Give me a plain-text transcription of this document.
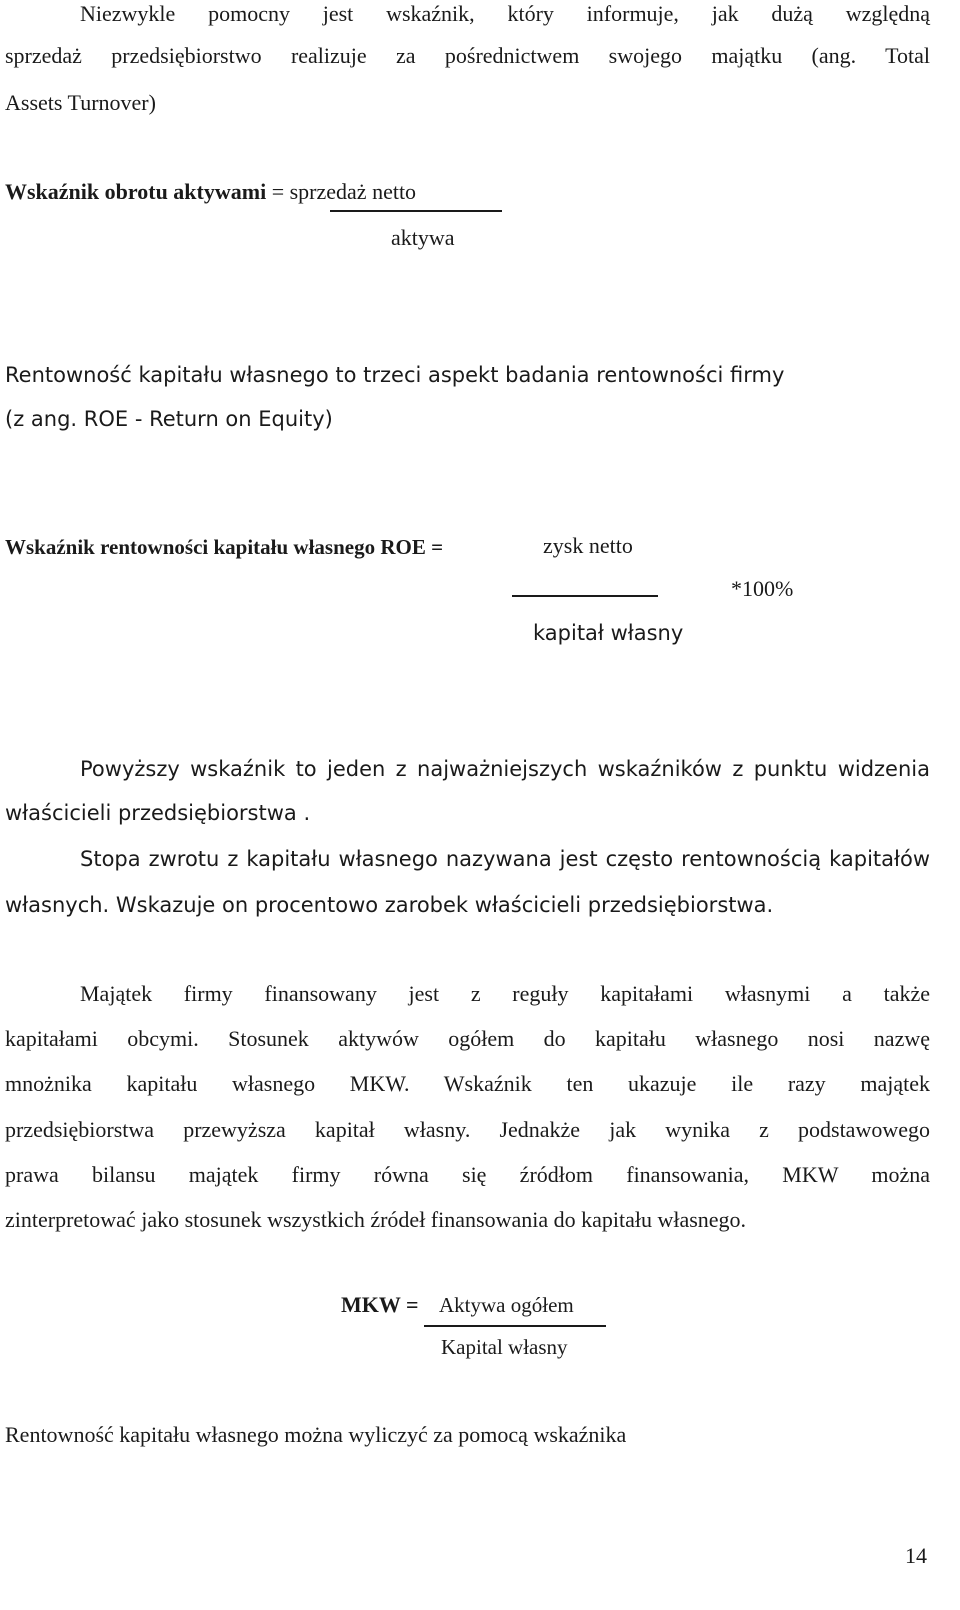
Niezwykle pomocny jest wskaźnik, który informuje, jak dużą względną
sprzedaż przedsiębiorstwo realizuje za pośrednictwem swojego majątku (ang. Total
Assets Turnover)
Wskaźnik obrotu aktywami = sprzedaż netto
aktywa
Rentowność kapitału własnego to trzeci aspekt badania rentowności firmy
(z ang. ROE - Return on Equity)
Wskaźnik rentowności kapitału własnego ROE =	zysk netto
*100%
kapitał własny
Powyższy wskaźnik to jeden z najważniejszych wskaźników z punktu widzenia
właścicieli przedsiębiorstwa .
Stopa zwrotu z kapitału własnego nazywana jest często rentownością kapitałów
własnych. Wskazuje on procentowo zarobek właścicieli przedsiębiorstwa.
Majątek firmy finansowany jest z reguły kapitałami własnymi a także
kapitałami obcymi. Stosunek aktywów ogółem do kapitału własnego nosi nazwę
mnożnika kapitału własnego MKW. Wskaźnik ten ukazuje ile razy majątek
przedsiębiorstwa przewyższa kapitał własny. Jednakże jak wynika z podstawowego
prawa bilansu majątek firmy równa się źródłom finansowania, MKW można
zinterpretować jako stosunek wszystkich źródeł finansowania do kapitału własnego.
MKW = Aktywa ogółem
Kapital własny
Rentowność kapitału własnego można wyliczyć za pomocą wskaźnika
14
